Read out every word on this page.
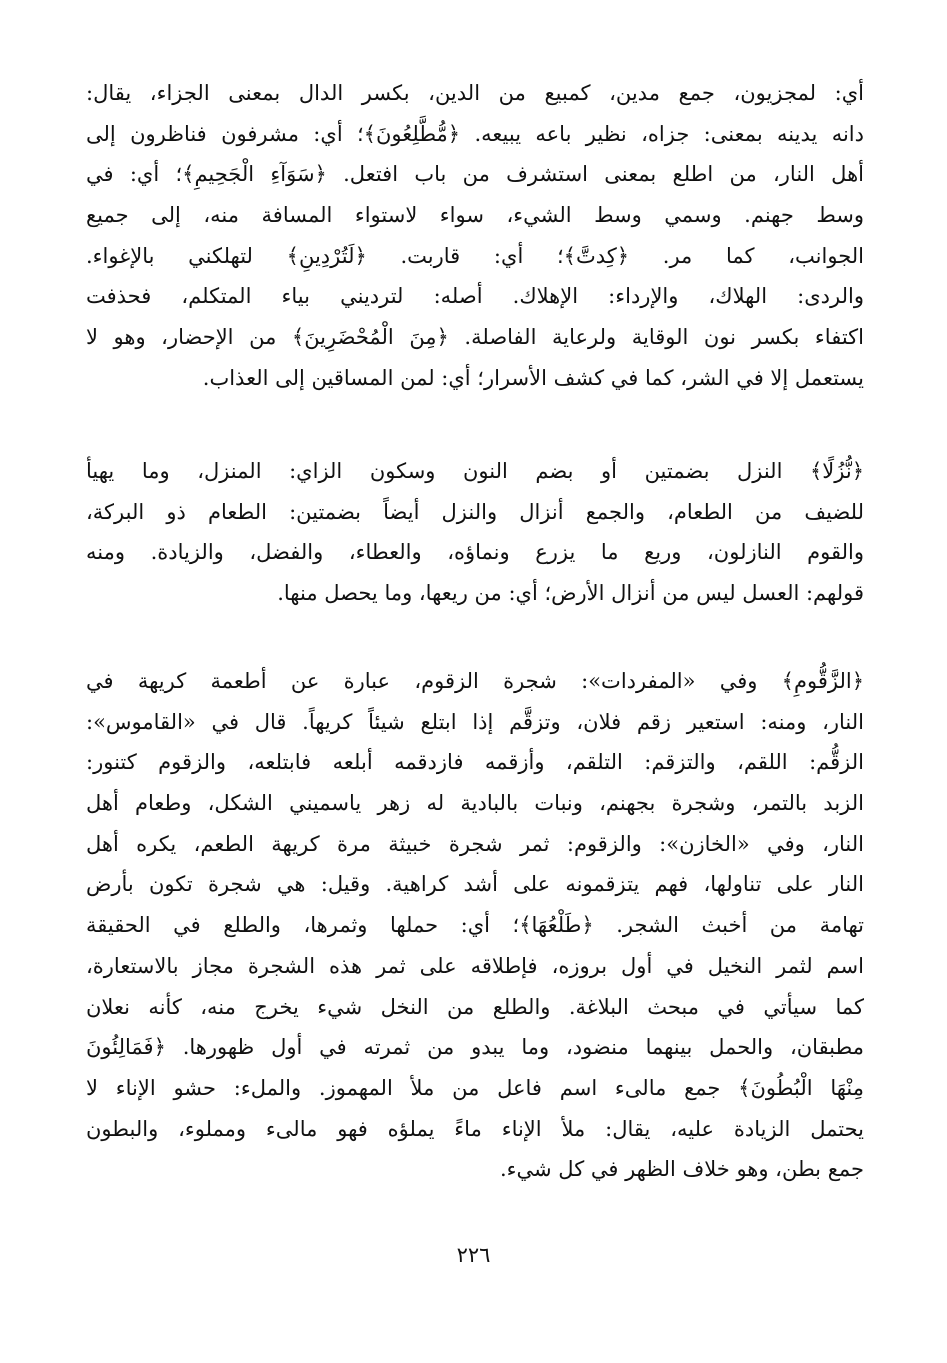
أي: لمجزيون، جمع مدين، كمبيع من الدين، بكسر الدال بمعنى الجزاء، يقال:
دانه يدينه بمعنى: جزاه، نظير باعه يبيعه. ﴿مُّطَّلِعُونَ﴾؛ أي: مشرفون فناظرون إلى
أهل النار، من اطلع بمعنى استشرف من باب افتعل. ﴿سَوَآءِ الْجَحِيمِ﴾؛ أي: في
وسط جهنم. وسمي وسط الشيء، سواء لاستواء المسافة منه، إلى جميع
الجوانب، كما مر. ﴿كِدتَّ﴾؛ أي: قاربت. ﴿لَتُرْدِينِ﴾ لتهلكني بالإغواء.
والردى: الهلاك، والإرداء: الإهلاك. أصله: لترديني بياء المتكلم، فحذفت
اكتفاء بكسر نون الوقاية ولرعاية الفاصلة. ﴿مِنَ الْمُحْضَرِينَ﴾ من الإحضار، وهو لا
يستعمل إلا في الشر، كما في كشف الأسرار؛ أي: لمن المساقين إلى العذاب.
﴿نُّزُلًا﴾ النزل بضمتين أو بضم النون وسكون الزاي: المنزل، وما يهيأ
للضيف من الطعام، والجمع أنزال والنزل أيضاً بضمتين: الطعام ذو البركة،
والقوم النازلون، وريع ما يزرع ونماؤه، والعطاء، والفضل، والزيادة. ومنه
قولهم: العسل ليس من أنزال الأرض؛ أي: من ريعها، وما يحصل منها.
﴿الزَّقُّومِ﴾ وفي «المفردات»: شجرة الزقوم، عبارة عن أطعمة كريهة في
النار، ومنه: استعير زقم فلان، وتزقَّم إذا ابتلع شيئاً كريهاً. قال في «القاموس»:
الزقُّم: اللقم، والتزقم: التلقم، وأزقمه فازدقمه أبلعه فابتلعه، والزقوم كتنور:
الزبد بالتمر، وشجرة بجهنم، ونبات بالبادية له زهر ياسميني الشكل، وطعام أهل
النار، وفي «الخازن»: والزقوم: ثمر شجرة خبيثة مرة كريهة الطعم، يكره أهل
النار على تناولها، فهم يتزقمونه على أشد كراهية. وقيل: هي شجرة تكون بأرض
تهامة من أخبث الشجر. ﴿طَلْعُهَا﴾؛ أي: حملها وثمرها، والطلع في الحقيقة
اسم لثمر النخيل في أول بروزه، فإطلاقه على ثمر هذه الشجرة مجاز بالاستعارة،
كما سيأتي في مبحث البلاغة. والطلع من النخل شيء يخرج منه، كأنه نعلان
مطبقان، والحمل بينهما منضود، وما يبدو من ثمرته في أول ظهورها. ﴿فَمَالِئُونَ
مِنْهَا الْبُطُونَ﴾ جمع مالىء اسم فاعل من ملأ المهموز. والملء: حشو الإناء لا
يحتمل الزيادة عليه، يقال: ملأ الإناء ماءً يملؤه فهو مالىء ومملوء، والبطون
جمع بطن، وهو خلاف الظهر في كل شيء.
٢٢٦
